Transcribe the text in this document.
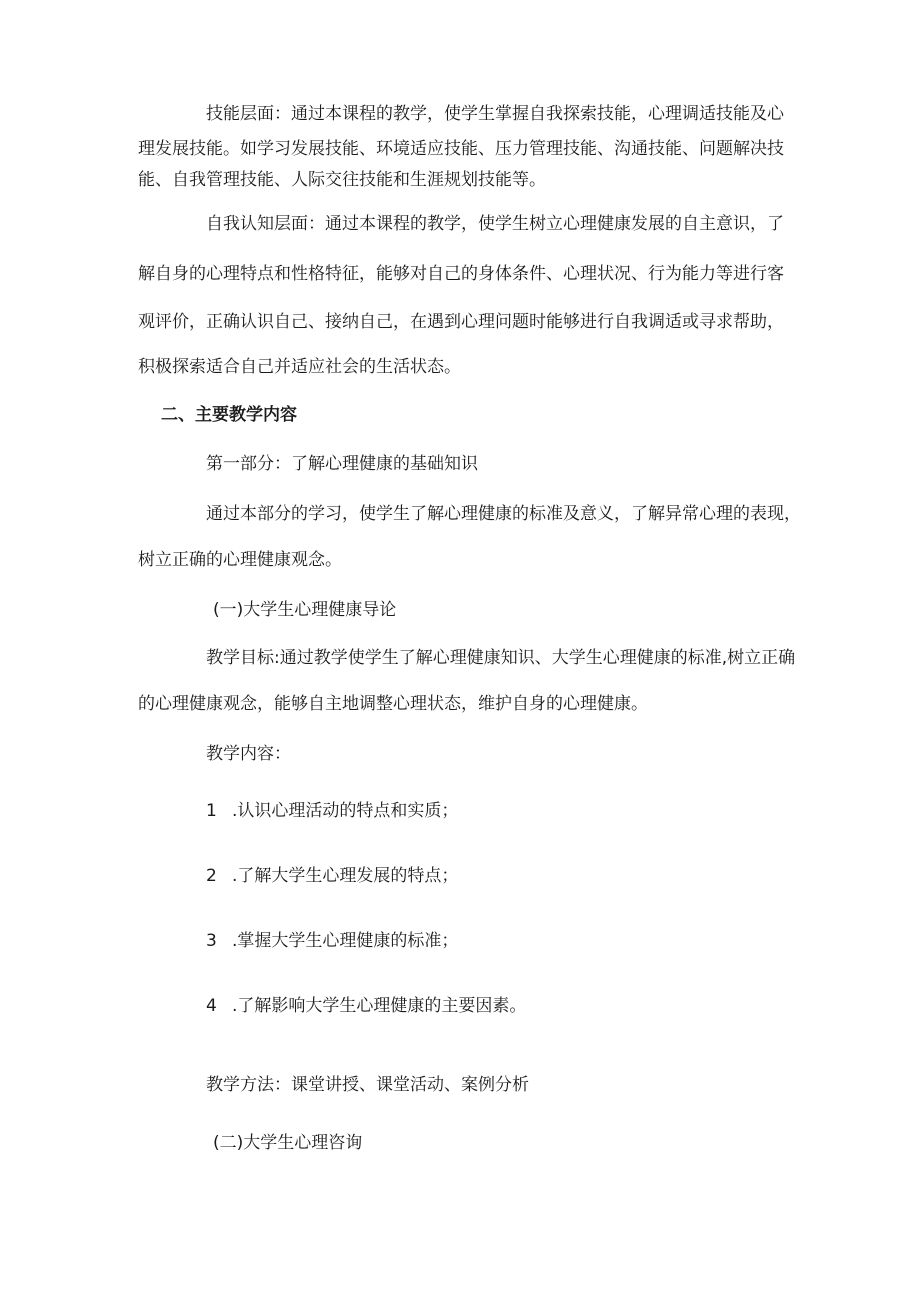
技能层面：通过本课程的教学，使学生掌握自我探索技能，心理调适技能及心

理发展技能。如学习发展技能、环境适应技能、压力管理技能、沟通技能、问题解决技

能、自我管理技能、人际交往技能和生涯规划技能等。

自我认知层面：通过本课程的教学，使学生树立心理健康发展的自主意识，了

解自身的心理特点和性格特征，能够对自己的身体条件、心理状况、行为能力等进行客

观评价，正确认识自己、接纳自己，在遇到心理问题时能够进行自我调适或寻求帮助，

积极探索适合自己并适应社会的生活状态。

二、主要教学内容

第一部分：了解心理健康的基础知识

通过本部分的学习，使学生了解心理健康的标准及意义，了解异常心理的表现，

树立正确的心理健康观念。

(一)大学生心理健康导论

教学目标:通过教学使学生了解心理健康知识、大学生心理健康的标准,树立正确

的心理健康观念，能够自主地调整心理状态，维护自身的心理健康。

教学内容：

1 .认识心理活动的特点和实质；

2 .了解大学生心理发展的特点；

3 .掌握大学生心理健康的标准；

4 .了解影响大学生心理健康的主要因素。

教学方法：课堂讲授、课堂活动、案例分析

(二)大学生心理咨询
